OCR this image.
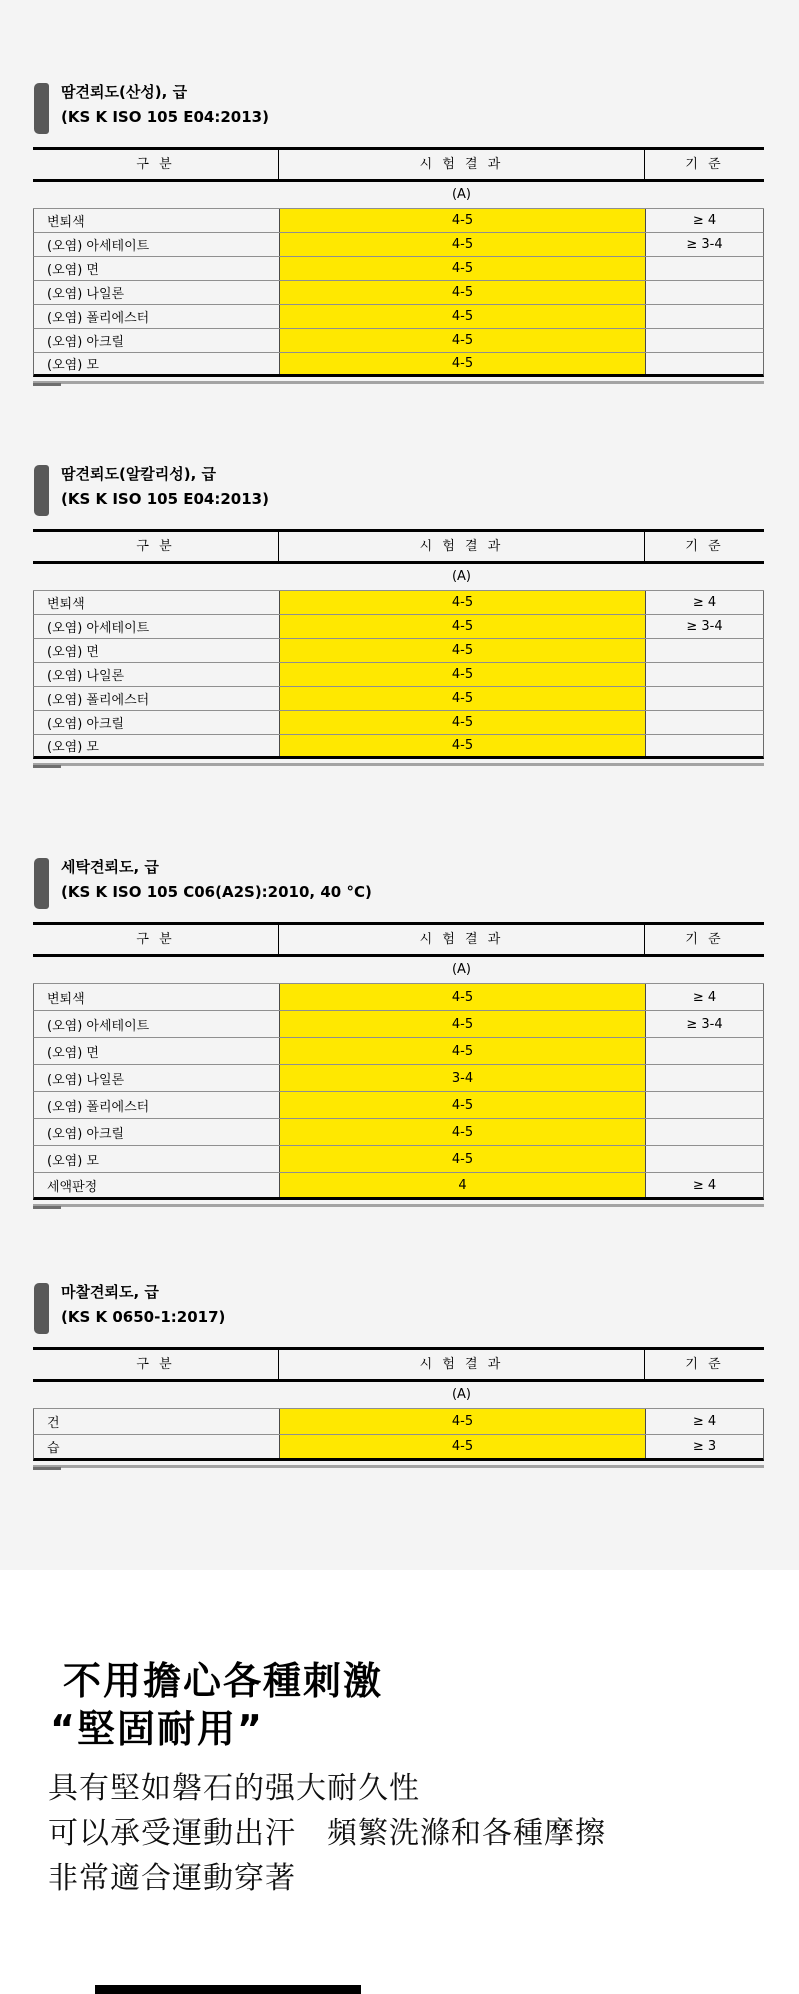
땀견뢰도(산성), 급
(KS K ISO 105 E04:2013)
구 분	시 험 결 과	기 준
(A)
변퇴색	4-5	≥ 4
(오염) 아세테이트	4-5	≥ 3-4
(오염) 면	4-5
(오염) 나일론	4-5
(오염) 폴리에스터	4-5
(오염) 아크릴	4-5
(오염) 모	4-5
땀견뢰도(알칼리성), 급
(KS K ISO 105 E04:2013)
구 분	시 험 결 과	기 준
(A)
변퇴색	4-5	≥ 4
(오염) 아세테이트	4-5	≥ 3-4
(오염) 면	4-5
(오염) 나일론	4-5
(오염) 폴리에스터	4-5
(오염) 아크릴	4-5
(오염) 모	4-5
세탁견뢰도, 급
(KS K ISO 105 C06(A2S):2010, 40 °C)
구 분	시 험 결 과	기 준
(A)
변퇴색	4-5	≥ 4
(오염) 아세테이트	4-5	≥ 3-4
(오염) 면	4-5
(오염) 나일론	3-4
(오염) 폴리에스터	4-5
(오염) 아크릴	4-5
(오염) 모	4-5
세액판정	4	≥ 4
마찰견뢰도, 급
(KS K 0650-1:2017)
구 분	시 험 결 과	기 준
(A)
건	4-5	≥ 4
습	4-5	≥ 3
不用擔心各種刺激
“堅固耐用”
具有堅如磐石的强大耐久性
可以承受運動出汗　頻繁洗滌和各種摩擦
非常適合運動穿著
